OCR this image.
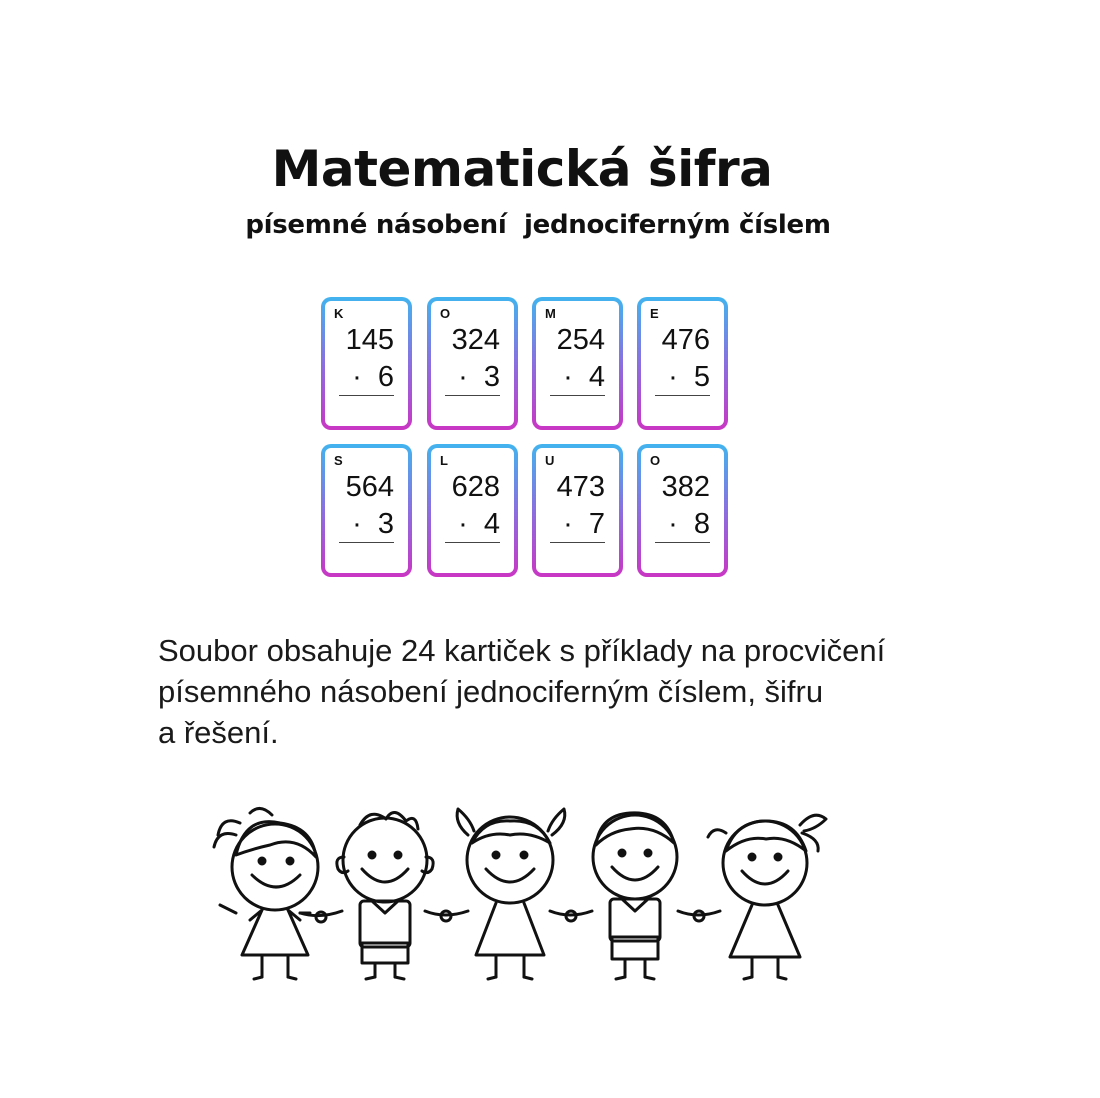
Matematická šifra
písemné násobení  jednociferným číslem
K
145
·  6
O
324
·  3
M
254
·  4
E
476
·  5
S
564
·  3
L
628
·  4
U
473
·  7
O
382
·  8
Soubor obsahuje 24 kartiček s příklady na procvičení
písemného násobení jednociferným číslem, šifru
a řešení.
